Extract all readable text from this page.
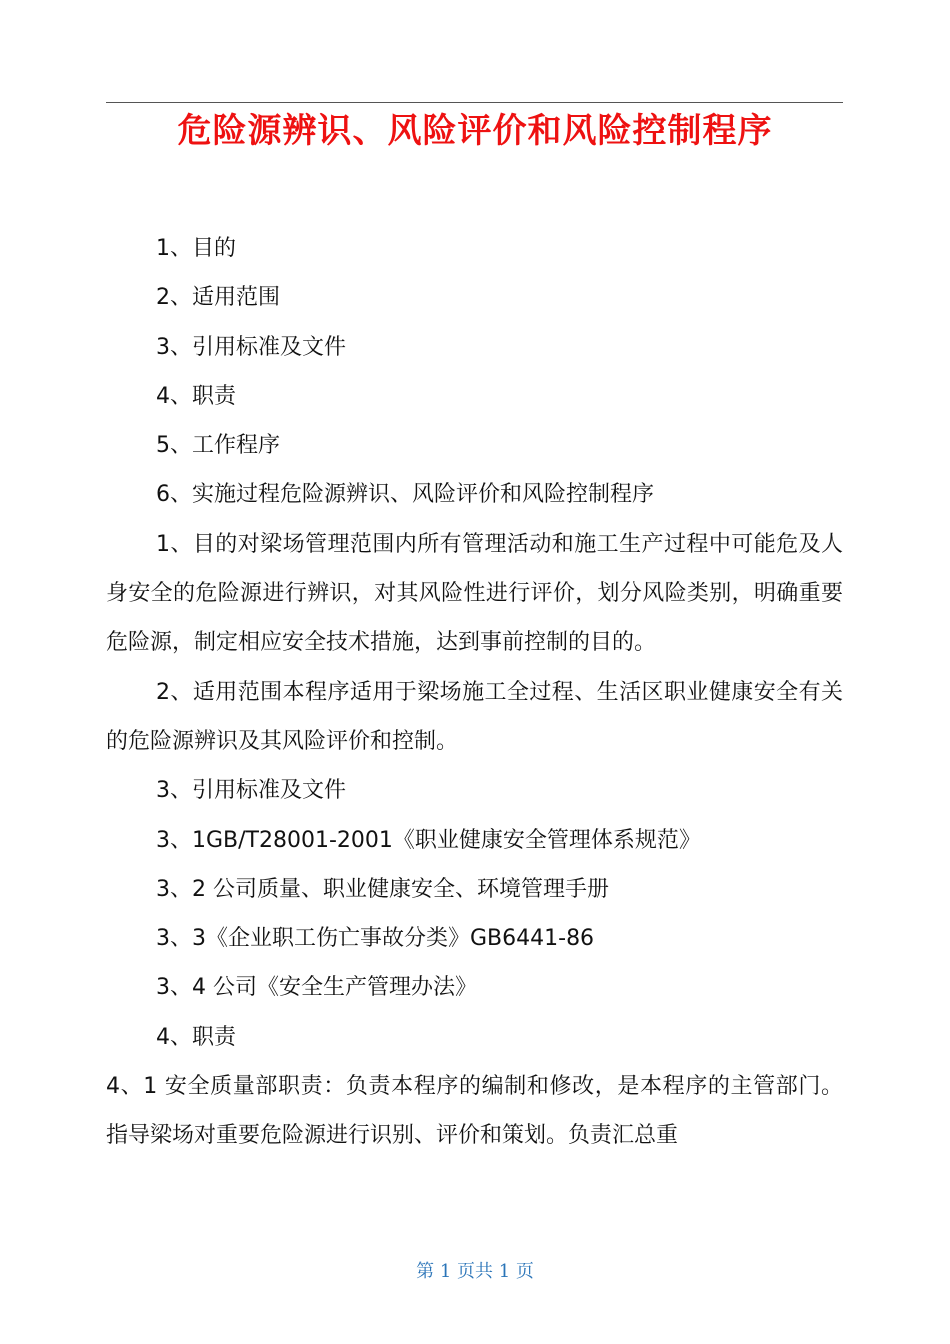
危险源辨识、风险评价和风险控制程序

1、目的

2、适用范围

3、引用标准及文件

4、职责

5、工作程序

6、实施过程危险源辨识、风险评价和风险控制程序

1、目的对梁场管理范围内所有管理活动和施工生产过程中可能危及人身安全的危险源进行辨识，对其风险性进行评价，划分风险类别，明确重要危险源，制定相应安全技术措施，达到事前控制的目的。

2、适用范围本程序适用于梁场施工全过程、生活区职业健康安全有关的危险源辨识及其风险评价和控制。

3、引用标准及文件

3、1GB/T28001-2001《职业健康安全管理体系规范》

3、2 公司质量、职业健康安全、环境管理手册

3、3《企业职工伤亡事故分类》GB6441-86

3、4 公司《安全生产管理办法》

4、职责

4、1 安全质量部职责：负责本程序的编制和修改，是本程序的主管部门。指导梁场对重要危险源进行识别、评价和策划。负责汇总重

第 1 页共 1 页
